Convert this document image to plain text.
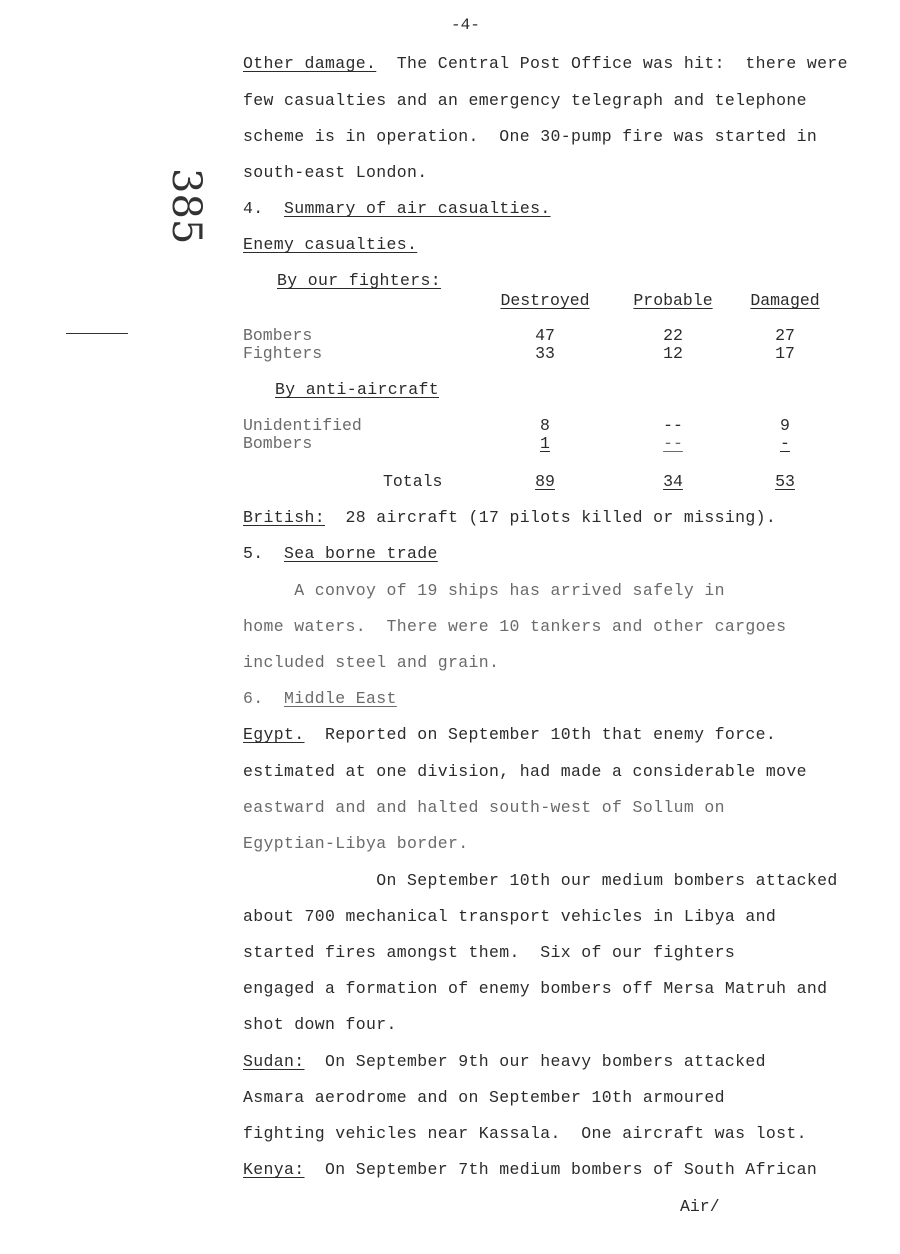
-4-
385
Other damage.  The Central Post Office was hit:  there were
few casualties and an emergency telegraph and telephone
scheme is in operation.  One 30-pump fire was started in
south-east London.
4. Summary of air casualties.
Enemy casualties.
By our fighters:
Destroyed	Probable	Damaged
Bombers	47	22	27
Fighters	33	12	17
By anti-aircraft
Unidentified	8	--	9
Bombers	1	--	-
Totals	89	34	53
British:  28 aircraft (17 pilots killed or missing).
5. Sea borne trade
A convoy of 19 ships has arrived safely in
home waters.  There were 10 tankers and other cargoes
included steel and grain.
6. Middle East
Egypt.  Reported on September 10th that enemy force.
estimated at one division, had made a considerable move
eastward and and halted south-west of Sollum on
Egyptian-Libya border.
On September 10th our medium bombers attacked
about 700 mechanical transport vehicles in Libya and
started fires amongst them.  Six of our fighters
engaged a formation of enemy bombers off Mersa Matruh and
shot down four.
Sudan:  On September 9th our heavy bombers attacked
Asmara aerodrome and on September 10th armoured
fighting vehicles near Kassala.  One aircraft was lost.
Kenya:  On September 7th medium bombers of South African
Air/
